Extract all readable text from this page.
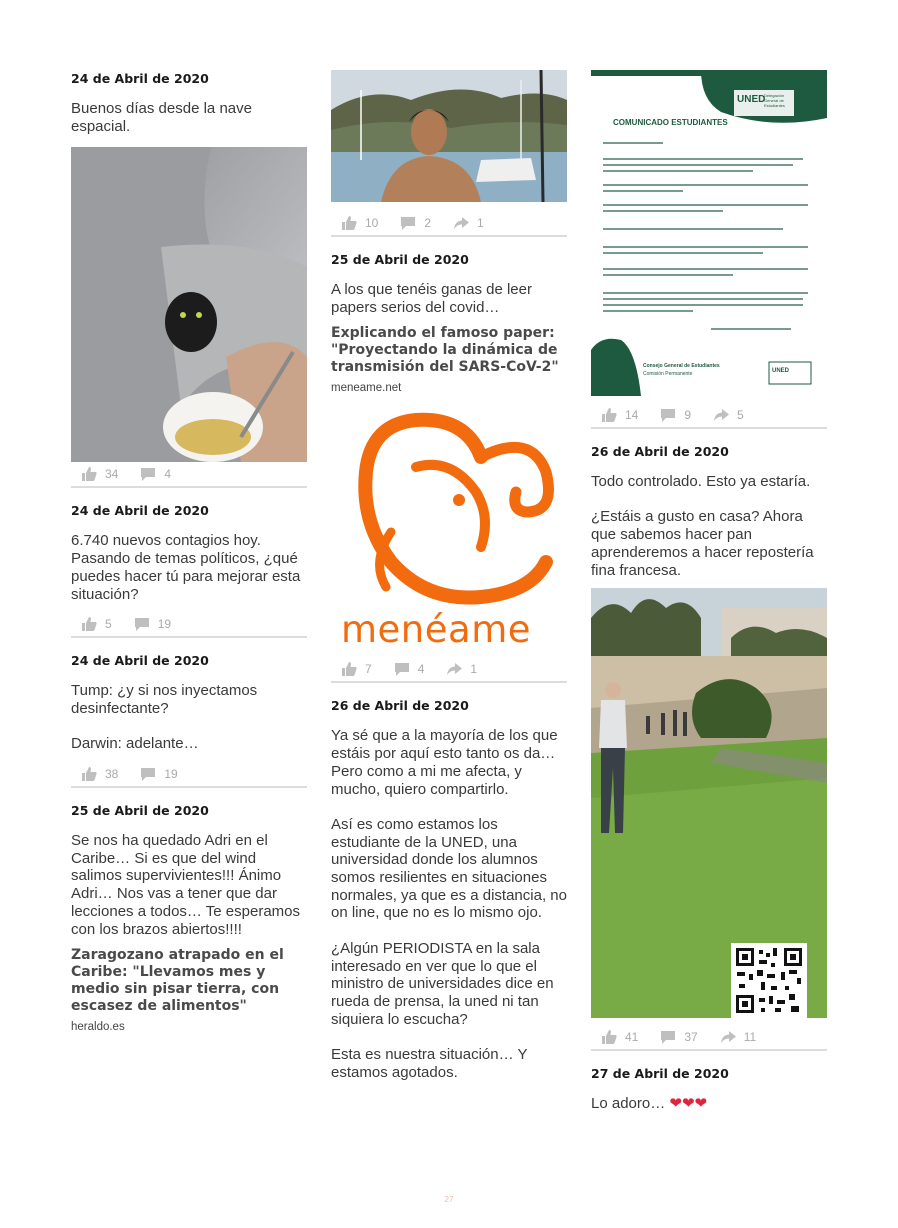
24 de Abril de 2020

Buenos días desde la nave espacial.

34	4
24 de Abril de 2020

6.740 nuevos contagios hoy. Pasando de temas políticos, ¿qué puedes hacer tú para mejorar esta situación?

5	19
24 de Abril de 2020

Tump: ¿y si nos inyectamos desinfectante?

Darwin: adelante…

38	19
25 de Abril de 2020

Se nos ha quedado Adri en el Caribe… Si es que del wind salimos supervivientes!!! Ánimo Adri… Nos vas a tener que dar lecciones a todos… Te esperamos con los brazos abiertos!!!!

Zaragozano atrapado en el Caribe: "Llevamos mes y medio sin pisar tierra, con escasez de alimentos"
heraldo.es
10	2	1
25 de Abril de 2020

A los que tenéis ganas de leer papers serios del covid…

Explicando el famoso paper: "Proyectando la dinámica de transmisión del SARS-CoV-2"
meneame.net
menéame
7	4	1
26 de Abril de 2020

Ya sé que a la mayoría de los que estáis por aquí esto tanto os da… Pero como a mi me afecta, y mucho, quiero compartirlo.

Así es como estamos los estudiante de la UNED, una universidad donde los alumnos somos resilientes en situaciones normales, ya que es a distancia, no on line, que no es lo mismo ojo.

¿Algún PERIODISTA en la sala interesado en ver que lo que el ministro de universidades dice en rueda de prensa, la uned ni tan siquiera lo escucha?

Esta es nuestra situación… Y estamos agotados.

UNED
Delegación General de Estudiantes
COMUNICADO ESTUDIANTES
Consejo General de Estudiantes
Comisión Permanente	UNED
14	9	5
26 de Abril de 2020

Todo controlado. Esto ya estaría.

¿Estáis a gusto en casa? Ahora que sabemos hacer pan aprenderemos a hacer repostería fina francesa.

41	37	11
27 de Abril de 2020

Lo adoro… ❤❤❤

27
